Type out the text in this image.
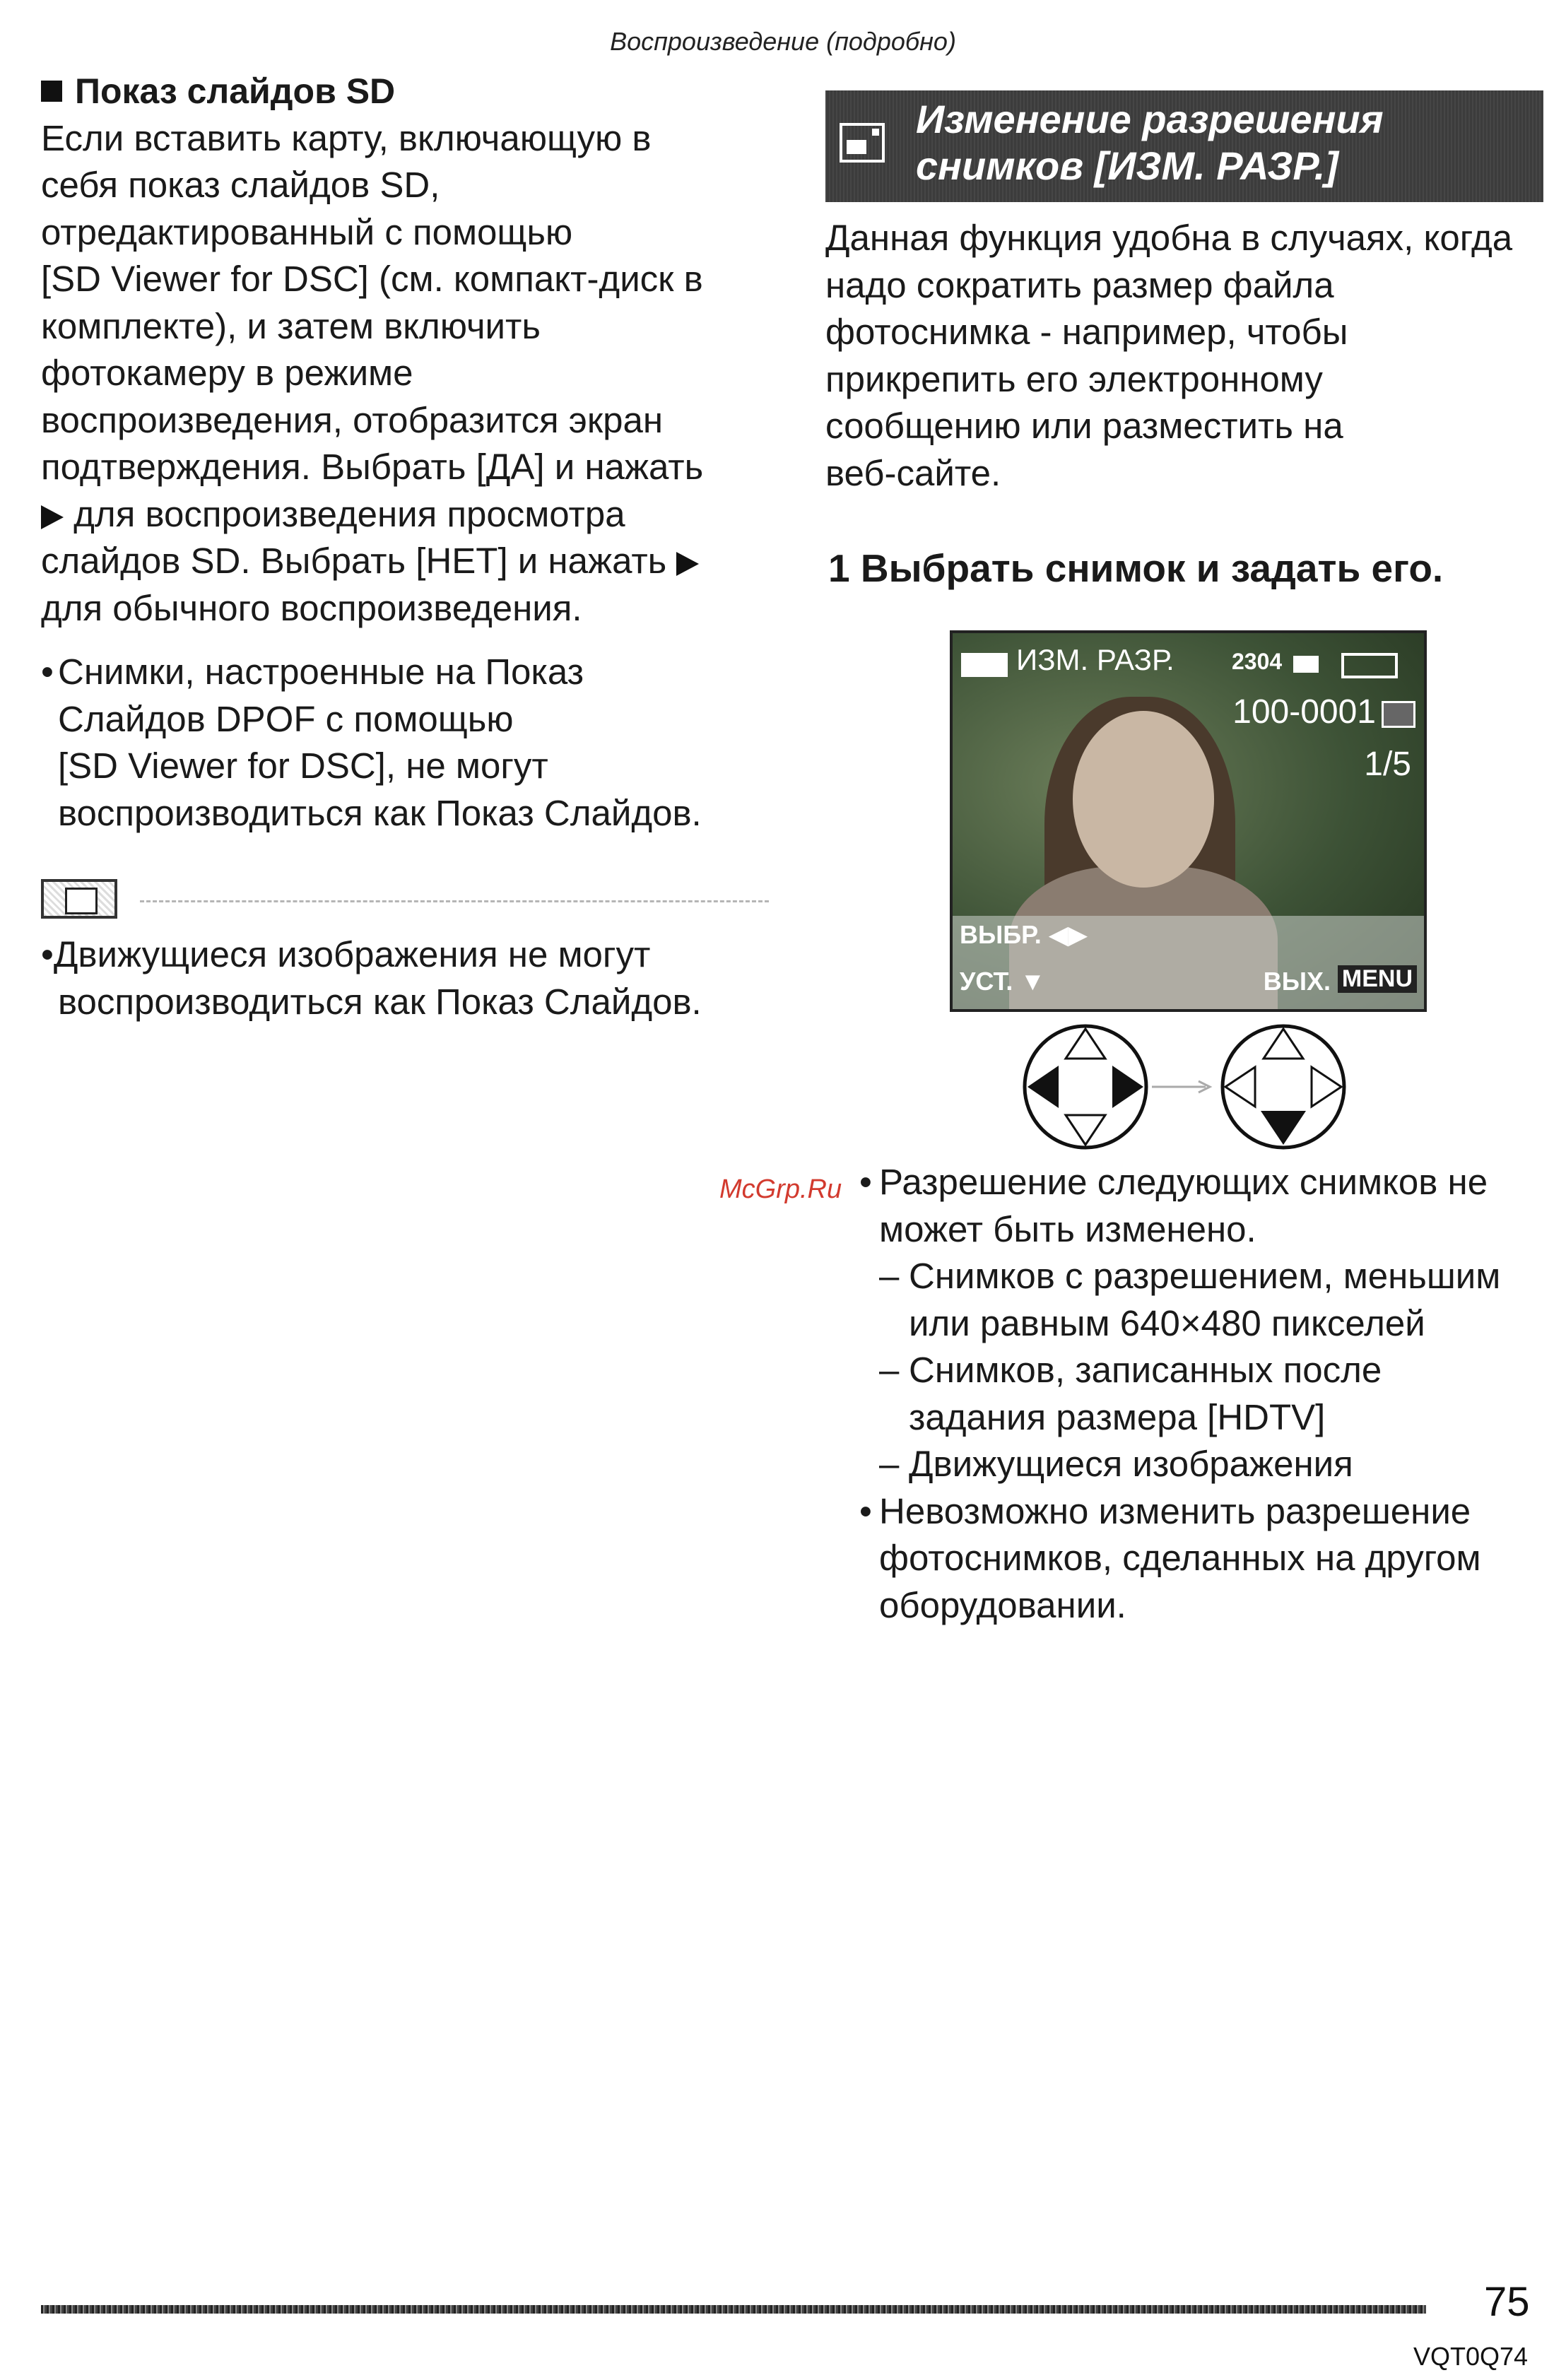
Воспроизведение (подробно)

Показ слайдов SD

Если вставить карту, включающую в

себя показ слайдов SD,

отредактированный с помощью

[SD Viewer for DSC] (см. компакт-диск в

комплекте), и затем включить

фотокамеру в режиме

воспроизведения, отобразится экран

подтверждения. Выбрать [ДА] и нажать

для воспроизведения просмотра

слайдов SD. Выбрать [НЕТ] и нажать

для обычного воспроизведения.

• Снимки, настроенные на Показ

Слайдов DPOF с помощью

[SD Viewer for DSC], не могут

воспроизводиться как Показ Слайдов.

•Движущиеся изображения не могут

воспроизводиться как Показ Слайдов.

Изменение разрешения
снимков [ИЗМ. РАЗР.]
Данная функция удобна в случаях, когда
надо сократить размер файла
фотоснимка - например, чтобы
прикрепить его электронному
сообщению или разместить на
веб-сайте.
1 Выбрать снимок и задать его.
ИЗМ. РАЗР.	2304
100-0001
1/5
ВЫБР. ◀▶
УСТ. ▼	ВЫХ. MENU
McGrp.Ru

• Разрешение следующих снимков не

может быть изменено.

– Снимков с разрешением, меньшим

или равным 640×480 пикселей

– Снимков, записанных после

задания размера [HDTV]

– Движущиеся изображения

• Невозможно изменить разрешение

фотоснимков, сделанных на другом

оборудовании.

75
VQT0Q74
